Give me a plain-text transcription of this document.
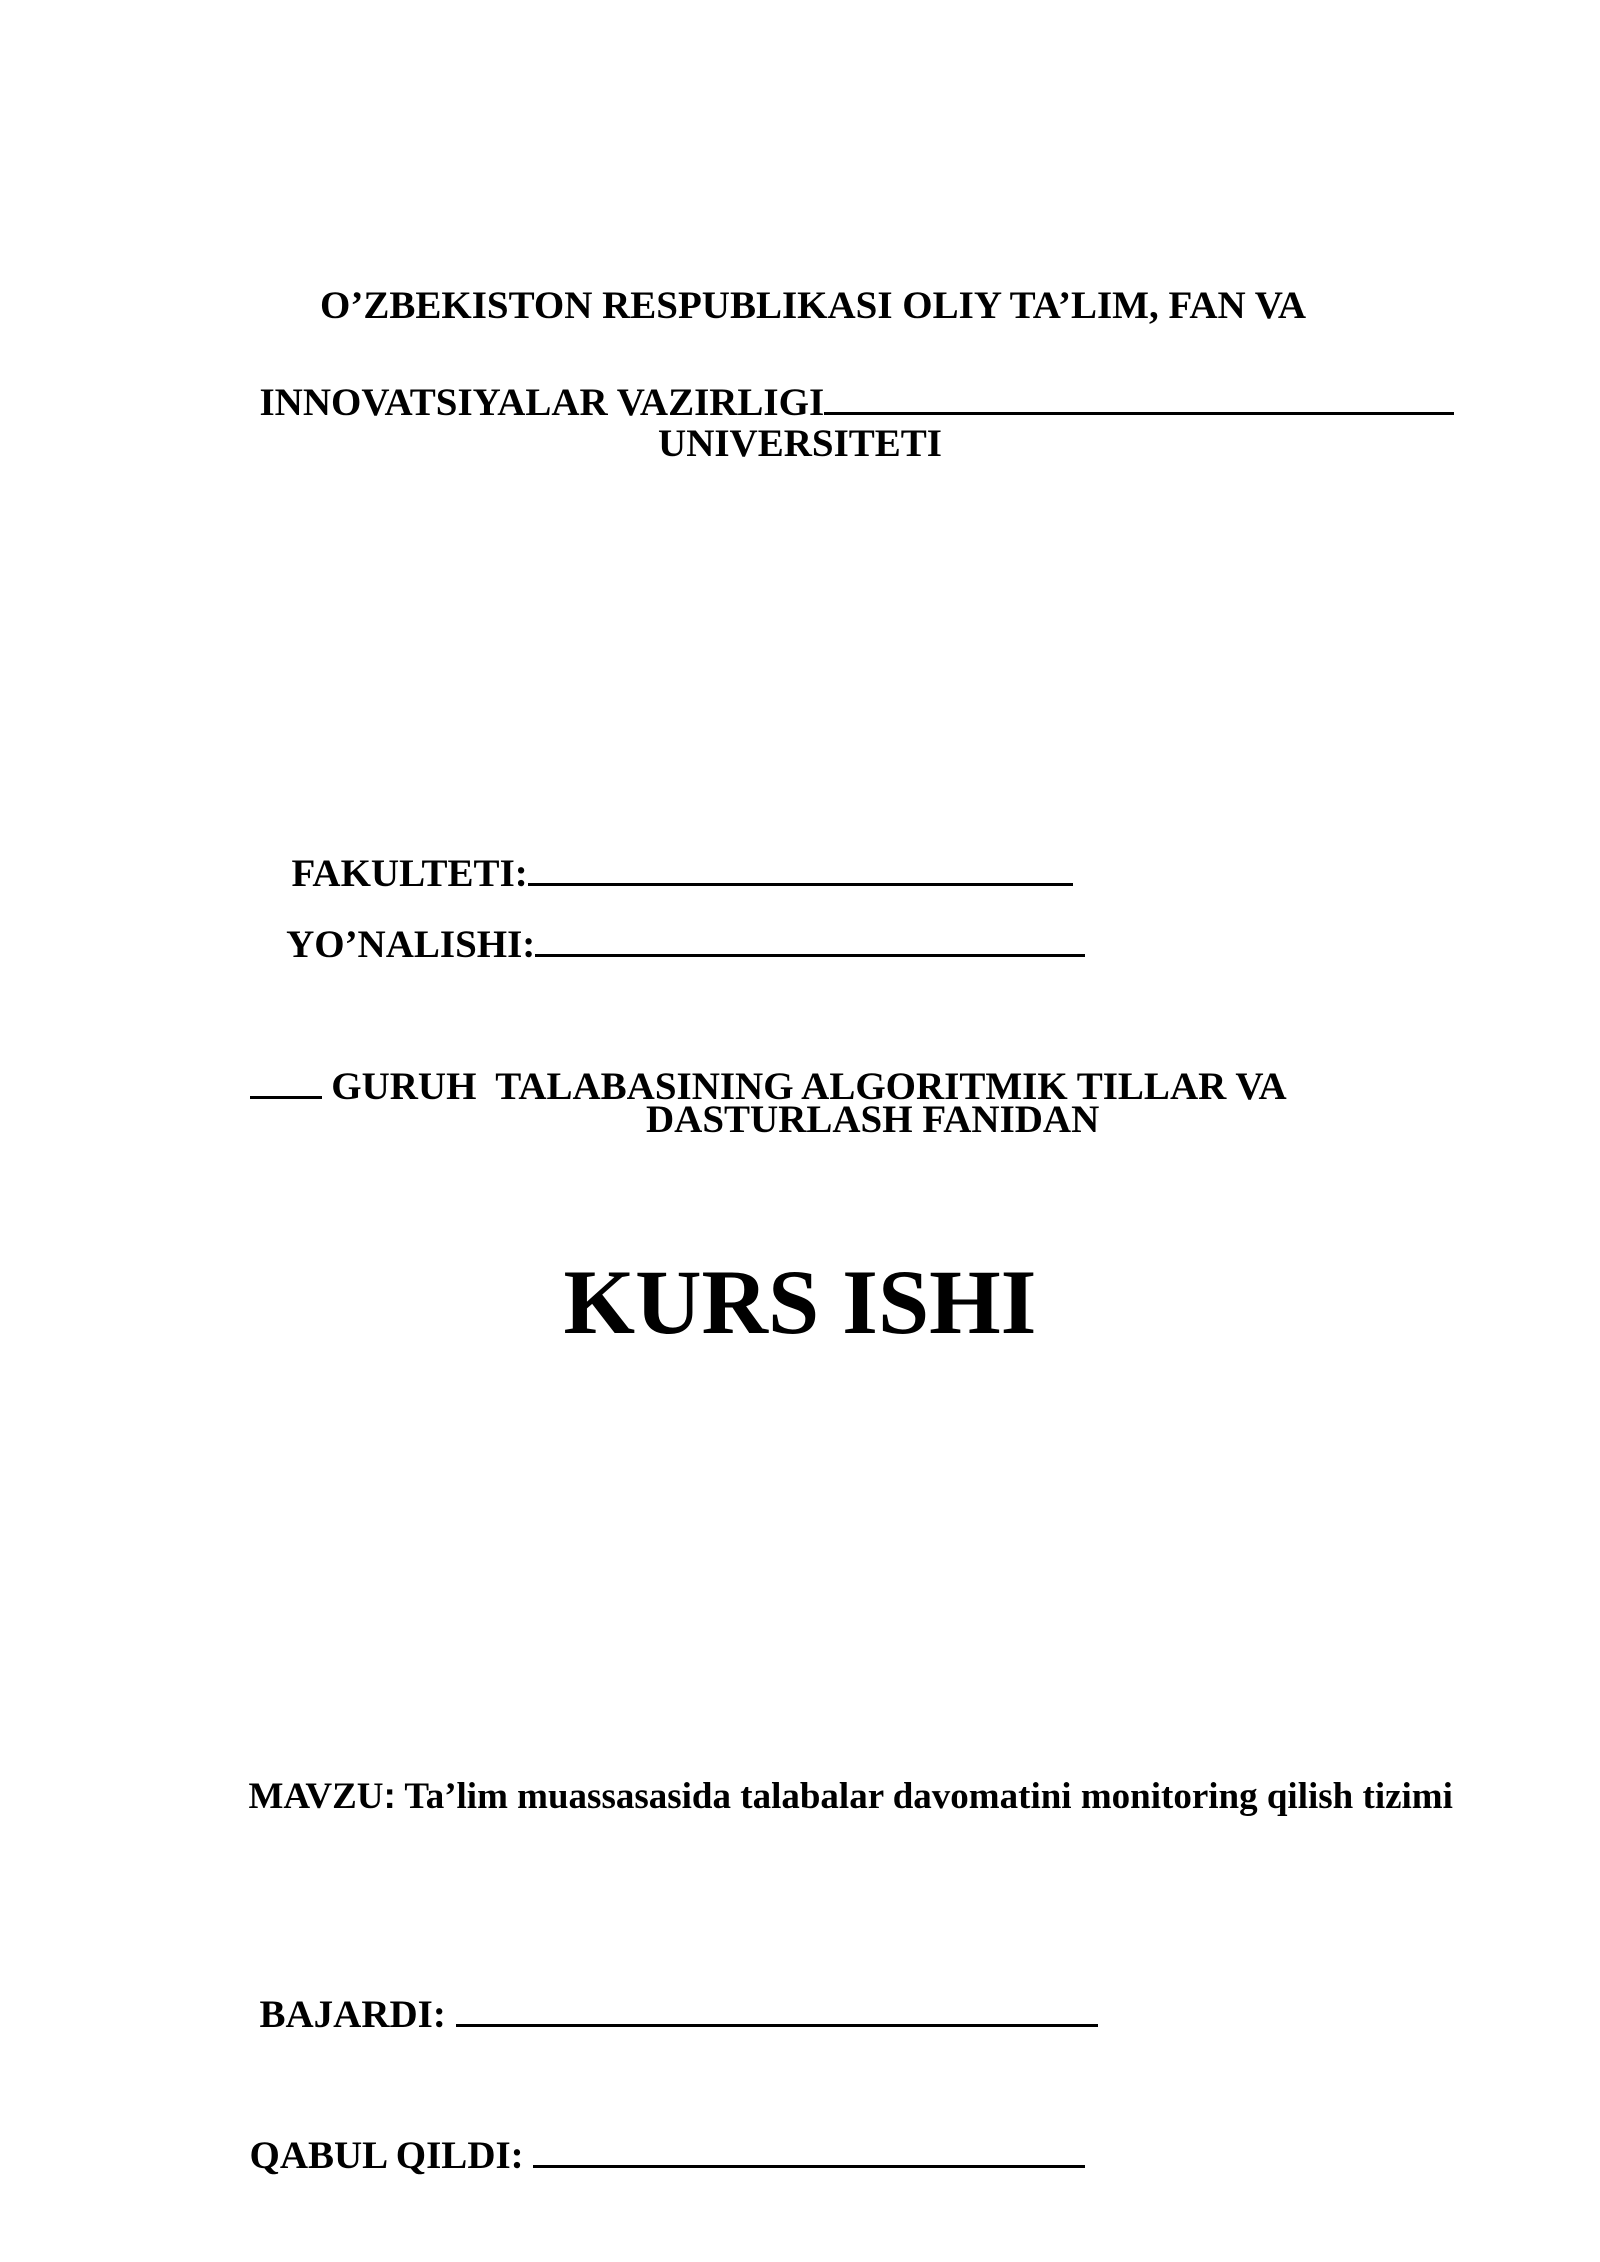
O’ZBEKISTON RESPUBLIKASI OLIY TA’LIM, FAN VA

INNOVATSIYALAR VAZIRLIGI

UNIVERSITETI

FAKULTETI:

YO’NALISHI:

GURUH  TALABASINING ALGORITMIK TILLAR VA

DASTURLASH FANIDAN
KURS ISHI

MAVZU: Ta’lim muassasasida talabalar davomatini monitoring qilish tizimi

BAJARDI:

QABUL QILDI:
